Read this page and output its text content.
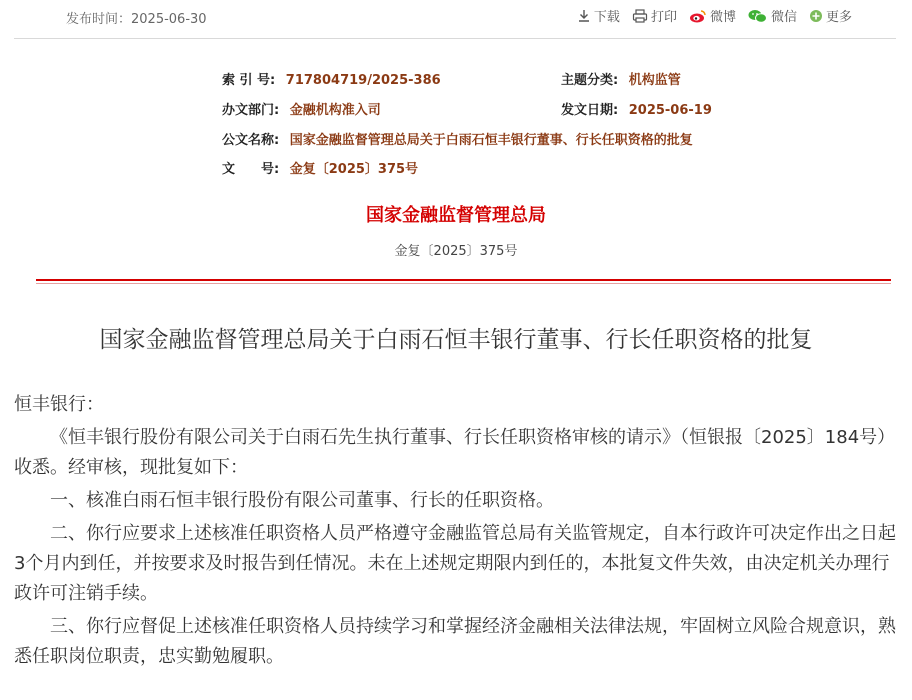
发布时间：2025-06-30	下载 打印	微博	微信 更多
索 引 号: 717804719/2025-386	主题分类: 机构监管
办文部门: 金融机构准入司	发文日期: 2025-06-19
公文名称: 国家金融监督管理总局关于白雨石恒丰银行董事、行长任职资格的批复
文　　号: 金复〔2025〕375号
国家金融监督管理总局
金复〔2025〕375号
国家金融监督管理总局关于白雨石恒丰银行董事、行长任职资格的批复

恒丰银行：

《恒丰银行股份有限公司关于白雨石先生执行董事、行长任职资格审核的请示》（恒银报〔2025〕184号）收悉。经审核，现批复如下：

一、核准白雨石恒丰银行股份有限公司董事、行长的任职资格。

二、你行应要求上述核准任职资格人员严格遵守金融监管总局有关监管规定，自本行政许可决定作出之日起3个月内到任，并按要求及时报告到任情况。未在上述规定期限内到任的，本批复文件失效，由决定机关办理行政许可注销手续。

三、你行应督促上述核准任职资格人员持续学习和掌握经济金融相关法律法规，牢固树立风险合规意识，熟悉任职岗位职责，忠实勤勉履职。
